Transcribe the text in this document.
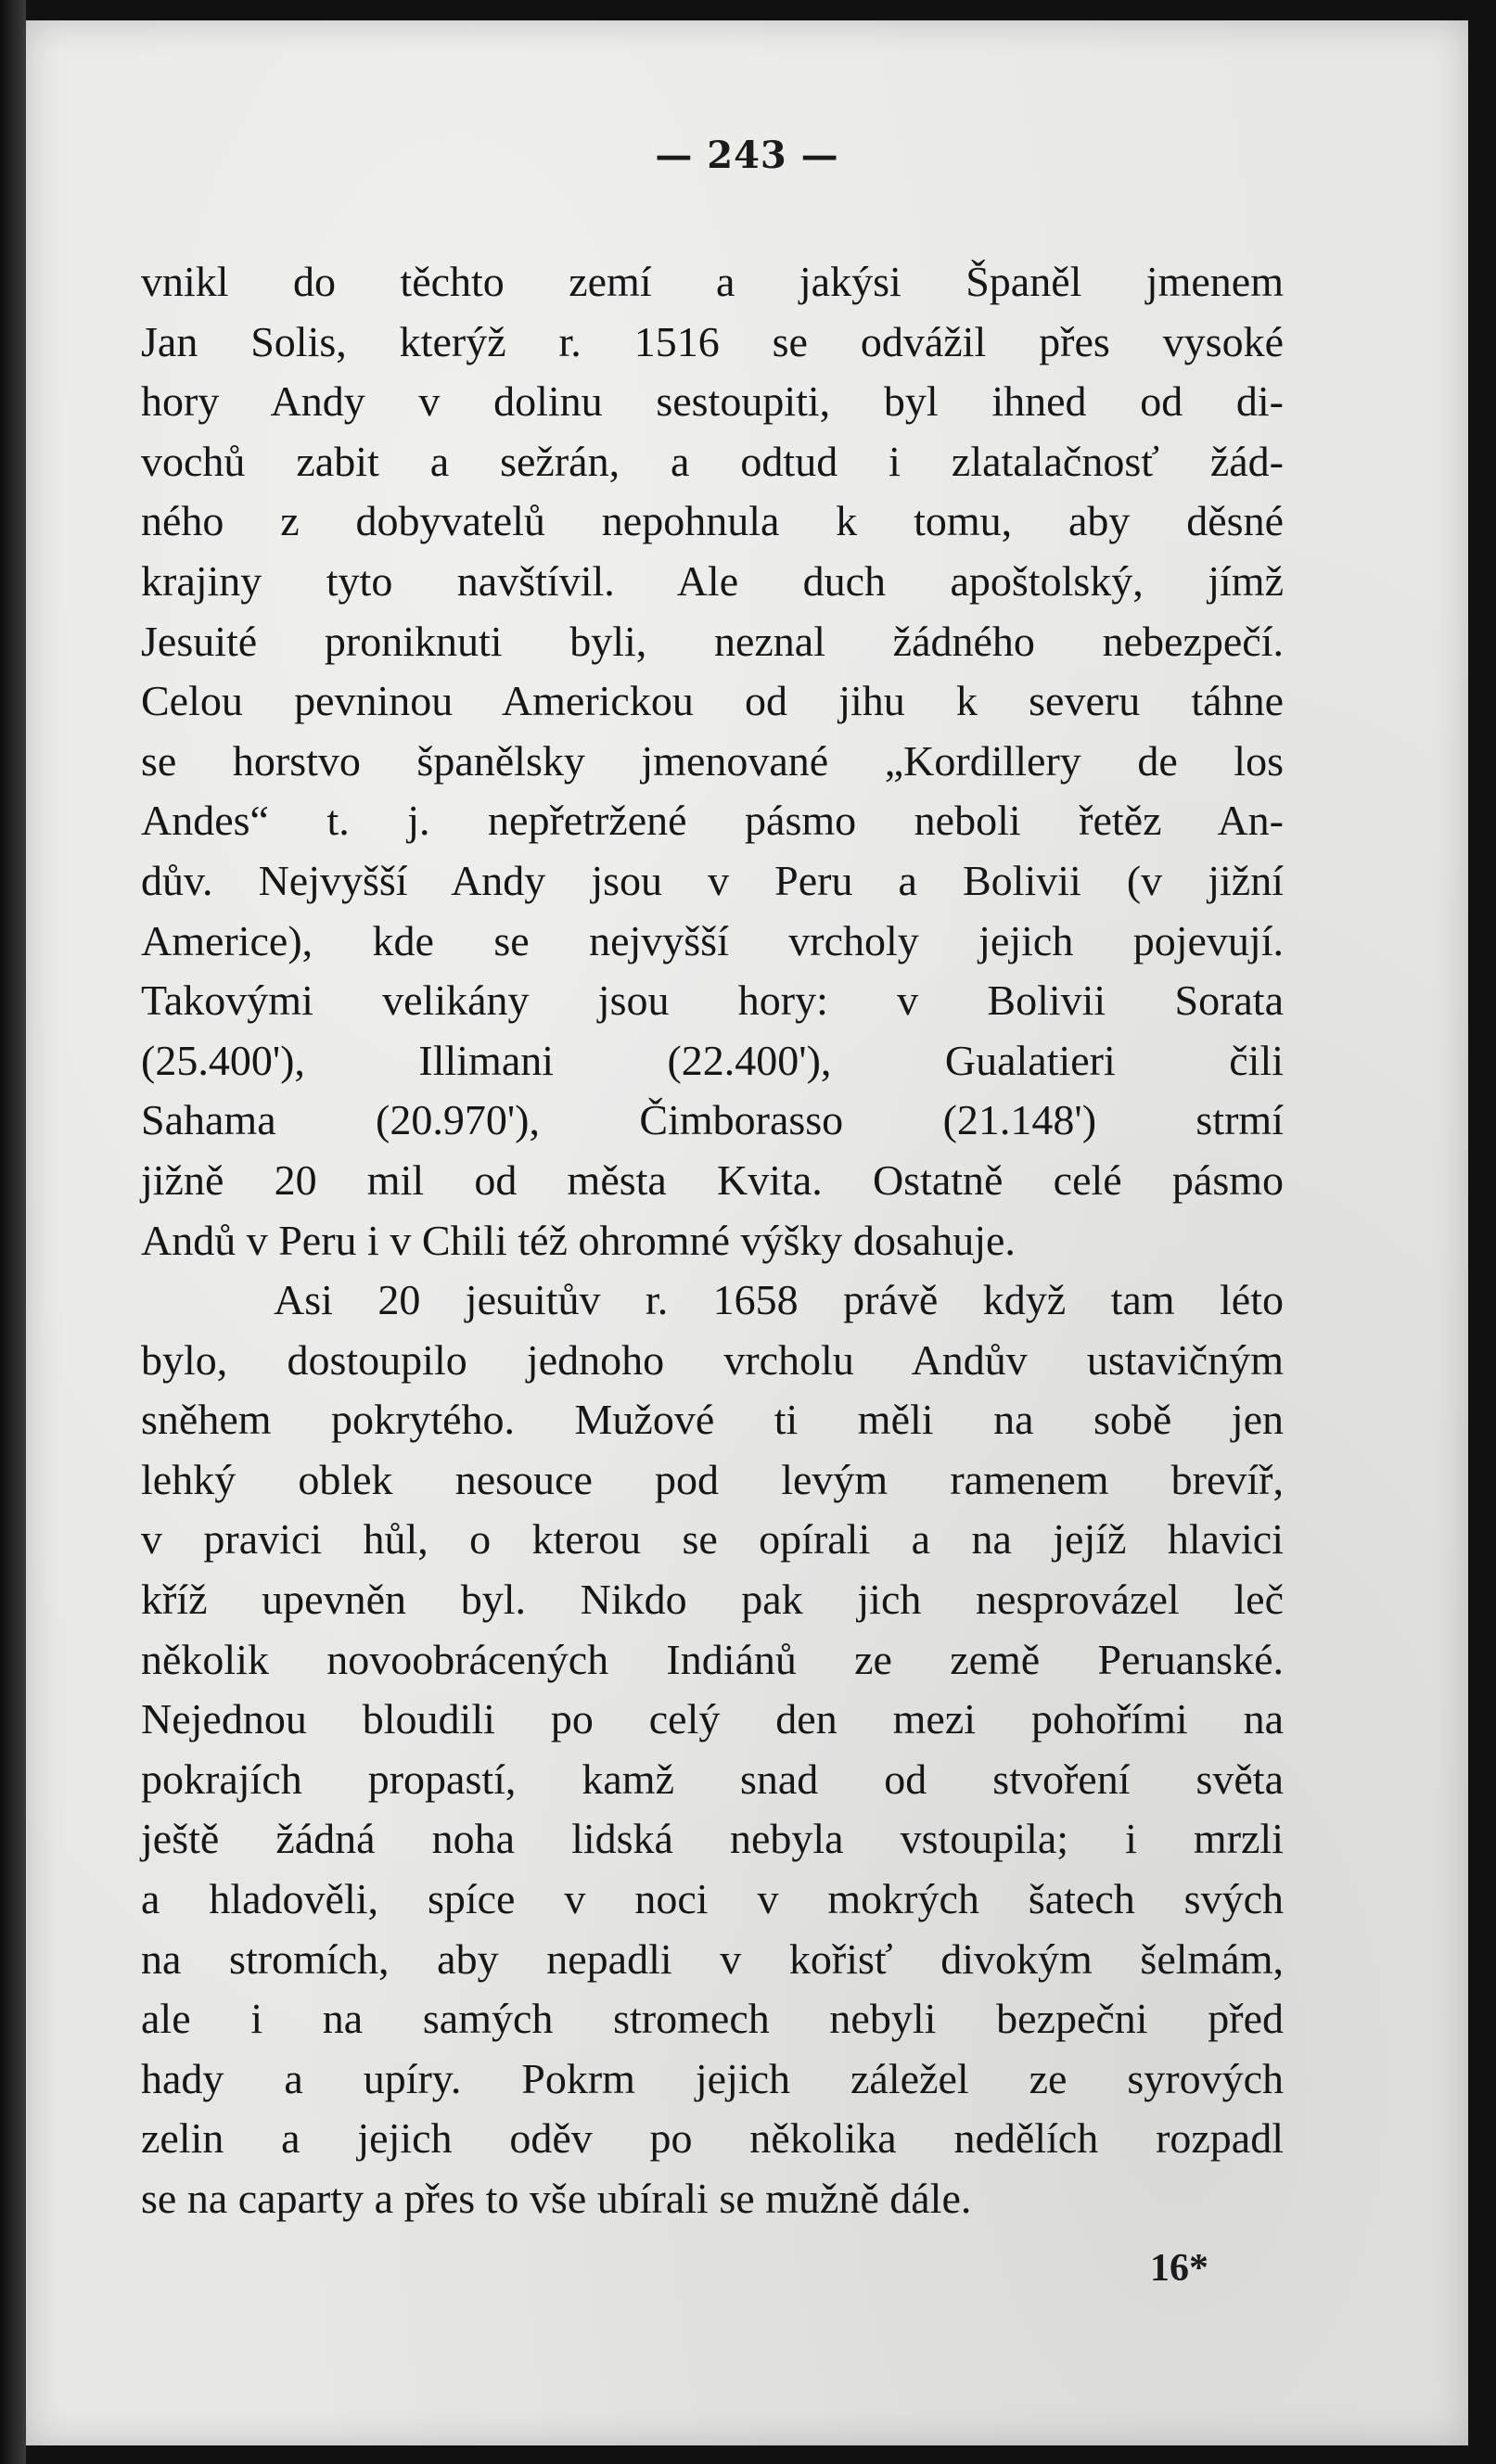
— 243 —
vnikl do těchto zemí a jakýsi Španěl jmenem
Jan Solis, kterýž r. 1516 se odvážil přes vysoké
hory Andy v dolinu sestoupiti, byl ihned od di-
vochů zabit a sežrán, a odtud i zlatalačnosť žád-
ného z dobyvatelů nepohnula k tomu, aby děsné
krajiny tyto navštívil. Ale duch apoštolský, jímž
Jesuité proniknuti byli, neznal žádného nebezpečí.
Celou pevninou Americkou od jihu k severu táhne
se horstvo španělsky jmenované „Kordillery de los
Andes“ t. j. nepřetržené pásmo neboli řetěz An-
dův. Nejvyšší Andy jsou v Peru a Bolivii (v jižní
Americe), kde se nejvyšší vrcholy jejich pojevují.
Takovými velikány jsou hory: v Bolivii Sorata
(25.400'), Illimani (22.400'), Gualatieri čili
Sahama (20.970'), Čimborasso (21.148') strmí
jižně 20 mil od města Kvita. Ostatně celé pásmo
Andů v Peru i v Chili též ohromné výšky dosahuje.
Asi 20 jesuitův r. 1658 právě když tam léto
bylo, dostoupilo jednoho vrcholu Andův ustavičným
sněhem pokrytého. Mužové ti měli na sobě jen
lehký oblek nesouce pod levým ramenem brevíř,
v pravici hůl, o kterou se opírali a na jejíž hlavici
kříž upevněn byl. Nikdo pak jich nesprovázel leč
několik novoobrácených Indiánů ze země Peruanské.
Nejednou bloudili po celý den mezi pohořími na
pokrajích propastí, kamž snad od stvoření světa
ještě žádná noha lidská nebyla vstoupila; i mrzli
a hladověli, spíce v noci v mokrých šatech svých
na stromích, aby nepadli v kořisť divokým šelmám,
ale i na samých stromech nebyli bezpečni před
hady a upíry. Pokrm jejich záležel ze syrových
zelin a jejich oděv po několika nedělích rozpadl
se na caparty a přes to vše ubírali se mužně dále.
16*
